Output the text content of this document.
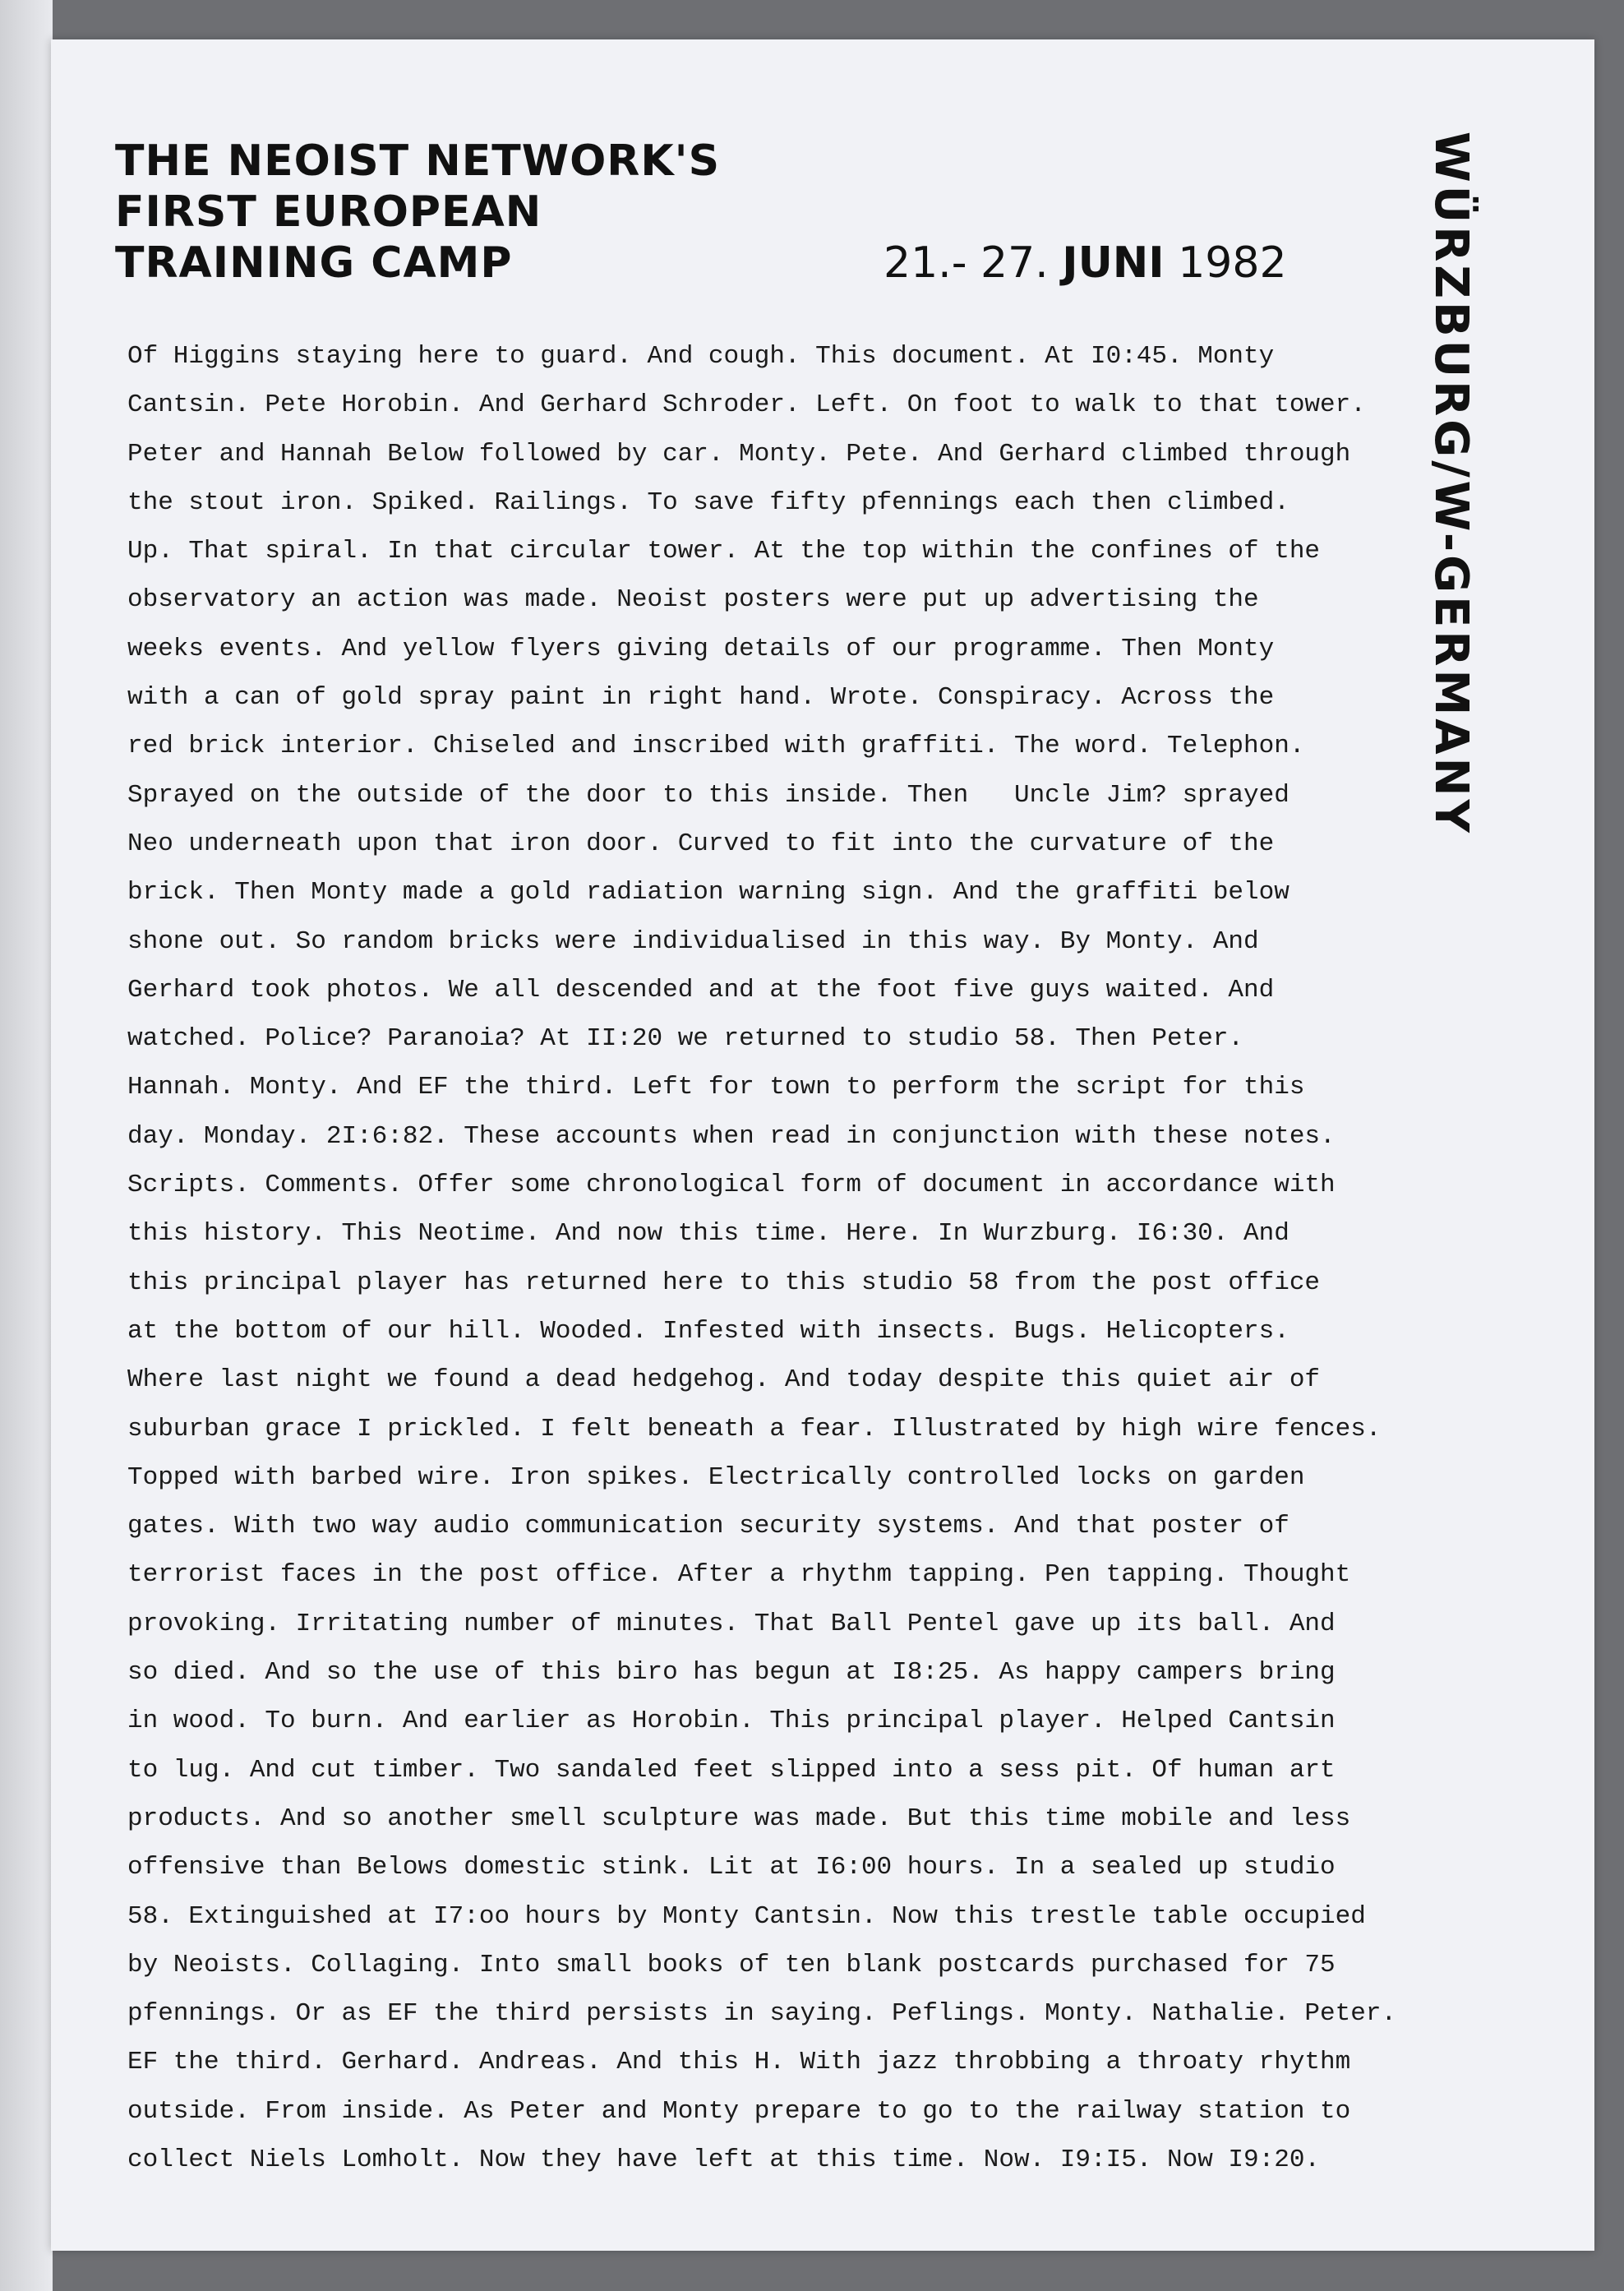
THE NEOIST NETWORK'S
FIRST EUROPEAN
TRAINING CAMP	21.- 27. JUNI 1982	WÜRZBURG/W-GERMANY
Of Higgins staying here to guard. And cough. This document. At I0:45. Monty
Cantsin. Pete Horobin. And Gerhard Schroder. Left. On foot to walk to that tower.
Peter and Hannah Below followed by car. Monty. Pete. And Gerhard climbed through
the stout iron. Spiked. Railings. To save fifty pfennings each then climbed.
Up. That spiral. In that circular tower. At the top within the confines of the
observatory an action was made. Neoist posters were put up advertising the
weeks events. And yellow flyers giving details of our programme. Then Monty
with a can of gold spray paint in right hand. Wrote. Conspiracy. Across the
red brick interior. Chiseled and inscribed with graffiti. The word. Telephon.
Sprayed on the outside of the door to this inside. Then   Uncle Jim? sprayed
Neo underneath upon that iron door. Curved to fit into the curvature of the
brick. Then Monty made a gold radiation warning sign. And the graffiti below
shone out. So random bricks were individualised in this way. By Monty. And
Gerhard took photos. We all descended and at the foot five guys waited. And
watched. Police? Paranoia? At II:20 we returned to studio 58. Then Peter.
Hannah. Monty. And EF the third. Left for town to perform the script for this
day. Monday. 2I:6:82. These accounts when read in conjunction with these notes.
Scripts. Comments. Offer some chronological form of document in accordance with
this history. This Neotime. And now this time. Here. In Wurzburg. I6:30. And
this principal player has returned here to this studio 58 from the post office
at the bottom of our hill. Wooded. Infested with insects. Bugs. Helicopters.
Where last night we found a dead hedgehog. And today despite this quiet air of
suburban grace I prickled. I felt beneath a fear. Illustrated by high wire fences.
Topped with barbed wire. Iron spikes. Electrically controlled locks on garden
gates. With two way audio communication security systems. And that poster of
terrorist faces in the post office. After a rhythm tapping. Pen tapping. Thought
provoking. Irritating number of minutes. That Ball Pentel gave up its ball. And
so died. And so the use of this biro has begun at I8:25. As happy campers bring
in wood. To burn. And earlier as Horobin. This principal player. Helped Cantsin
to lug. And cut timber. Two sandaled feet slipped into a sess pit. Of human art
products. And so another smell sculpture was made. But this time mobile and less
offensive than Belows domestic stink. Lit at I6:00 hours. In a sealed up studio
58. Extinguished at I7:oo hours by Monty Cantsin. Now this trestle table occupied
by Neoists. Collaging. Into small books of ten blank postcards purchased for 75
pfennings. Or as EF the third persists in saying. Peflings. Monty. Nathalie. Peter.
EF the third. Gerhard. Andreas. And this H. With jazz throbbing a throaty rhythm
outside. From inside. As Peter and Monty prepare to go to the railway station to
collect Niels Lomholt. Now they have left at this time. Now. I9:I5. Now I9:20.
